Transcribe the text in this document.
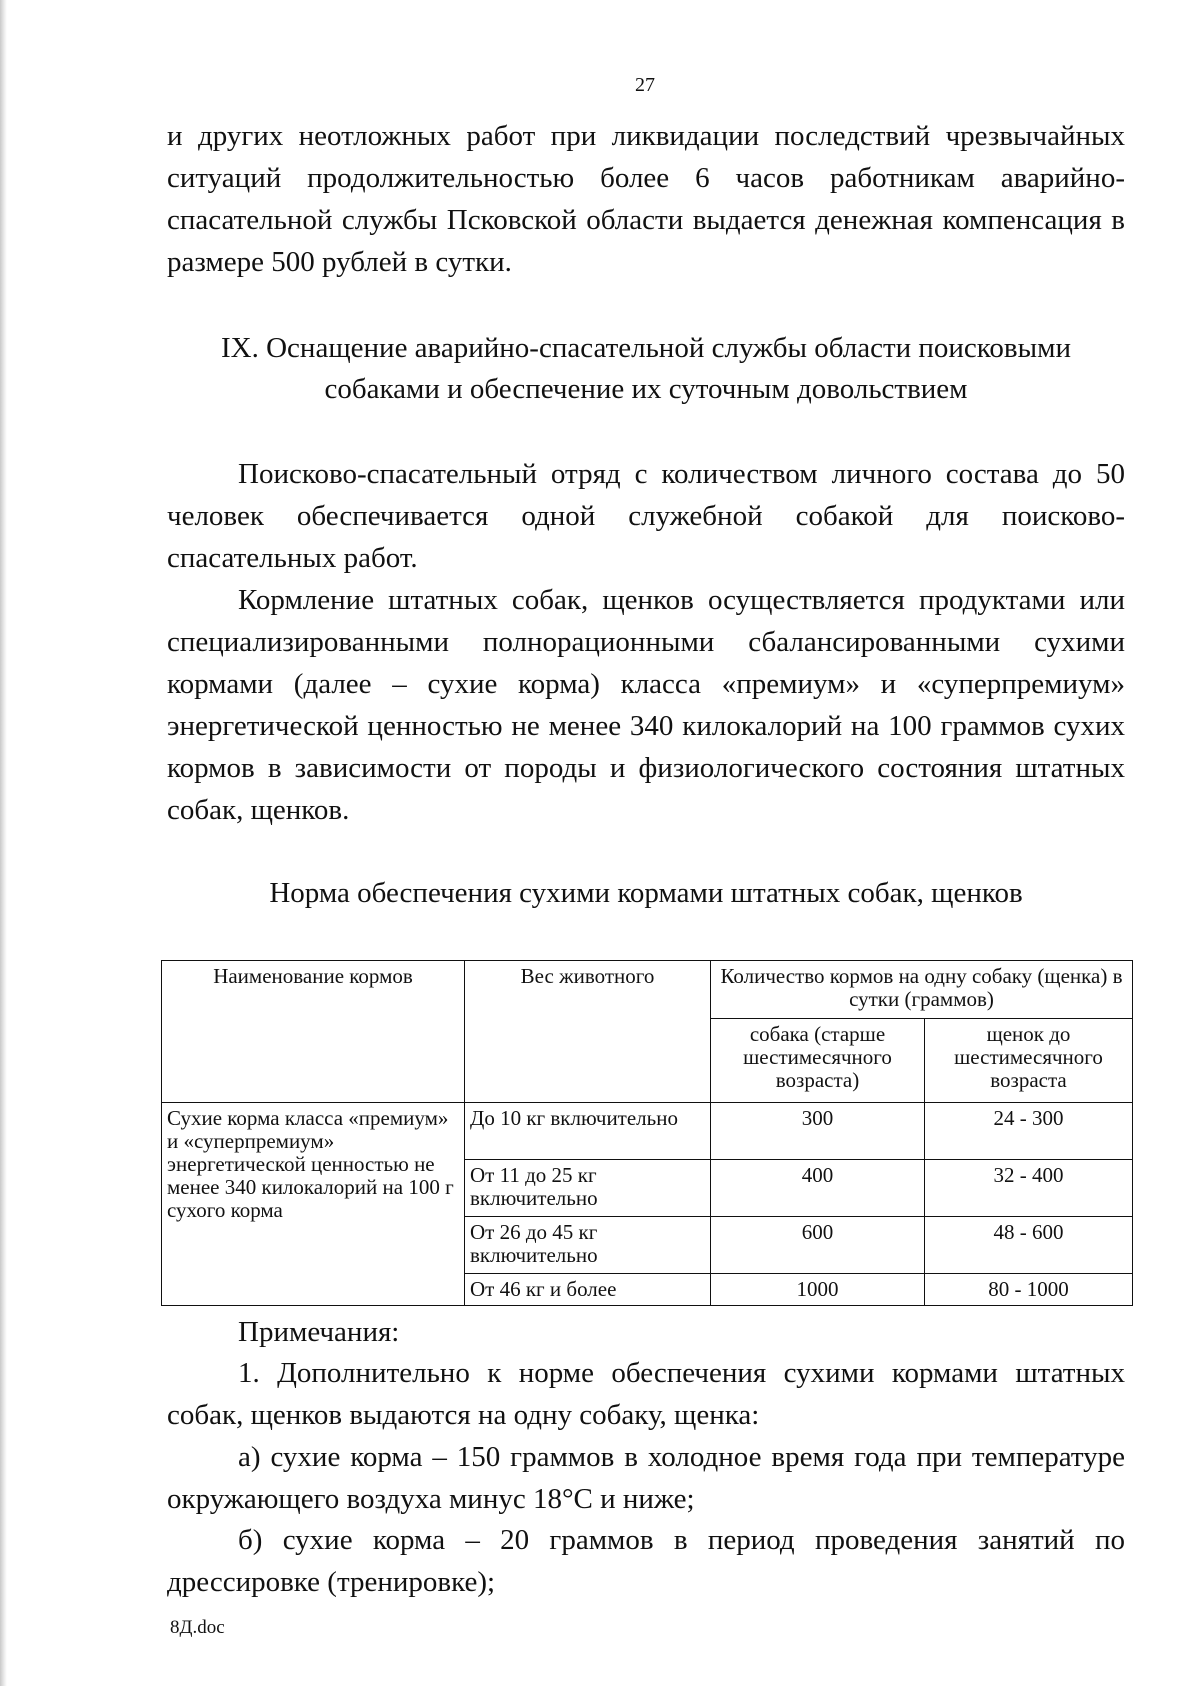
27

и других неотложных работ при ликвидации последствий чрезвычайных ситуаций продолжительностью более 6 часов работникам аварийно-спасательной службы Псковской области выдается денежная компенсация в размере 500 рублей в сутки.

IX. Оснащение аварийно-спасательной службы области поисковыми
собаками и обеспечение их суточным довольствием

Поисково-спасательный отряд с количеством личного состава до 50 человек обеспечивается одной служебной собакой для поисково-спасательных работ.

Кормление штатных собак, щенков осуществляется продуктами или специализированными полнорационными сбалансированными сухими кормами (далее – сухие корма) класса «премиум» и «суперпремиум» энергетической ценностью не менее 340 килокалорий на 100 граммов сухих кормов в зависимости от породы и физиологического состояния штатных собак, щенков.

Норма обеспечения сухими кормами штатных собак, щенков
Наименование кормов	Вес животного	Количество кормов на одну собаку (щенка) в сутки (граммов)	
		собака (старше шестимесячного возраста)	щенок до шестимесячного возраста
Сухие корма класса «премиум» и «суперпремиум» энергетической ценностью не менее 340 килокалорий на 100 г сухого корма	До 10 кг включительно	300	24 - 300
	От 11 до 25 кг включительно	400	32 - 400
	От 26 до 45 кг включительно	600	48 - 600
	От 46 кг и более	1000	80 - 1000

Примечания:

1. Дополнительно к норме обеспечения сухими кормами штатных собак, щенков выдаются на одну собаку, щенка:

а) сухие корма – 150 граммов в холодное время года при температуре окружающего воздуха минус 18°С и ниже;

б) сухие корма – 20 граммов в период проведения занятий по дрессировке (тренировке);

8Д.doc
